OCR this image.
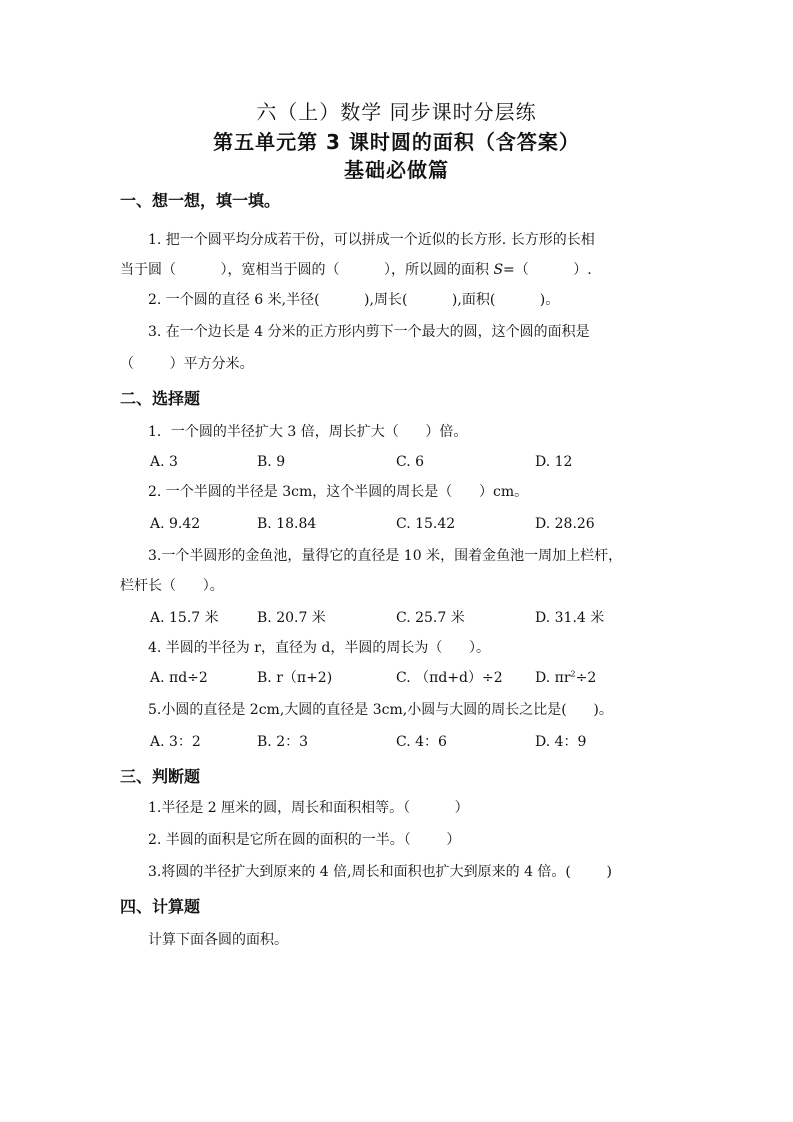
六（上）数学 同步课时分层练
第五单元第 3 课时圆的面积（含答案）
基础必做篇
一、想一想，填一填。
1. 把一个圆平均分成若干份，可以拼成一个近似的长方形. 长方形的长相
当于圆（          ），宽相当于圆的（          ），所以圆的面积 S=（          ）.
2. 一个圆的直径 6 米,半径(          ),周长(          ),面积(          )。
3. 在一个边长是 4 分米的正方形内剪下一个最大的圆，这个圆的面积是
（        ）平方分米。
二、选择题
1．一个圆的半径扩大 3 倍，周长扩大（      ）倍。
A. 3	B. 9	C. 6	D. 12
2. 一个半圆的半径是 3cm，这个半圆的周长是（      ）cm。
A. 9.42	B. 18.84	C. 15.42	D. 28.26
3.一个半圆形的金鱼池，量得它的直径是 10 米，围着金鱼池一周加上栏杆，
栏杆长（      ）。
A. 15.7 米	B. 20.7 米	C. 25.7 米	D. 31.4 米
4. 半圆的半径为 r，直径为 d，半圆的周长为（      ）。
A. πd÷2	B. r（π+2)	C. （πd+d）÷2 D. $\pi r^2\div 2$
5.小圆的直径是 2cm,大圆的直径是 3cm,小圆与大圆的周长之比是(      )。
A. 3：2	B. 2：3	C. 4：6	D. 4：9
三、判断题
1.半径是 2 厘米的圆，周长和面积相等。（          ）
2. 半圆的面积是它所在圆的面积的一半。（        ）
3.将圆的半径扩大到原来的 4 倍,周长和面积也扩大到原来的 4 倍。(        )
四、计算题
计算下面各圆的面积。
